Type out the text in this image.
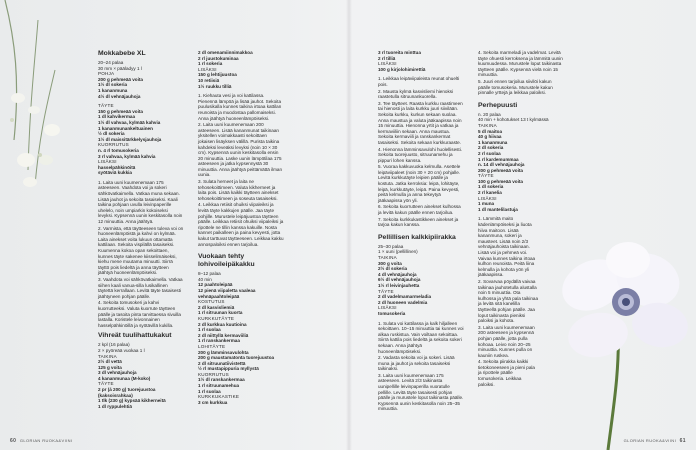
Mokkabebe XL

20–24 palaa
30 mm × pääladyy 1 l
POHJA
200 g pehmeää voita
1½ dl sokeria
1 kananmuna
4½ dl vehnäjauhoja
TÄYTE
150 g pehmeää voita
1 dl kahvikermaa
1½ dl vahvaa, kylmää kahvia
1 kananmunankeltuainen
½ dl sokeria
1½ dl maissitärkkelysjauhoja
KUORRUTUS
n. 4 rl tomusokeria
3 rl vahvaa, kylmää kahvia
LISÄKSI
hasselpähkinöitä
syötäviä kukkia

1. Laita uuni kuumenemaan 175 asteeseen. Vaahdota voi ja sokeri sähkövatkaimella. Vatkaa muna sekaan. Lisää jauhot ja sekoita tasaiseksi. Kaali taikina pohjaan uvulla leivinpaperille uhelelo, noin umpiarkin kokoiseksi levyksi. Kypsennä uunin keskitasolla noin 12 minuuttia. Anna jäähtyä.

2. Varmista, että täytteeseen tuleva voi on huoneenlämpöistä ja kahvi on kylmää. Laita ainekset voita lukuun ottamatta kattilaan. Sekoita vispilällä tasaiseksi. Kuumenna kokoa opan sekoittaen, kunnes täyte sakenee kiisselimäiseksi, kiehu mene muutama minuutti. Siirrä täyttö pois liedeltä ja anna täytteen jäähtyä huoneenlämpöiseksi.

3. Vaahdota voi sähkövatkaimella. Vatkaa siihen kaali vanua-silla lusikallinen täytettä kerrallaan. Levitä täyte tasaisesti jäähtyneen pohjan päälle.

4. Sekoita tomusokeri ja kahvi kuorrutteeksi. Valuta kuorrute täytteen päälle ja tasoita pinta tarvittaessa sivuilla lastalla. Koristele leivonnainen hasselpähkinöillä ja syötävillä kukilla.

Vihreät tuulihattukakut

2 kpl (16 palaa)
2 × pyöreää vuokaa 1 l
TAIKINA
2½ dl vettä
125 g voita
3 dl vehnäjauhoja
4 kananmunaa (M-koko)
TÄYTE
2 pr (á 200 g) tuorejuustoa (kaksoisrahkaa)
1 tlk (230 g) kypsää kikherneitä
1 dl ryppulehtiä
2 dl omenamiinnimakkoa
2 rl juustokuminaa
1 rl sokeria
LISÄKSI
150 g lehtijuustoa
10 retiisiä
1½ ruukku tilliä

1. Kiehauta vesi ja voi kattilassa. Pienennä lämpöä ja lisää jauhot. Sekoita puulusikalla kunnes taikina irtoaa kattilan reunoista ja muodostaa pallomaiseksi. Anna jäähtyä huoneenlämpöiseksi.

2. Laita uuni kuumenemaan 200 asteeseen. Lisää kananmunat taikinaan yksitellen voimakkaasti sekoittaen jokaisen lisäyksen välillä. Purista taikina kahdeksi leveäksi levyksi (noin 10 × 30 cm). Kypsennä uunin keskitasolla ensin 20 minuuttia. Laske uunin lämpötilaa 175 asteeseen ja jatka kypsennystä 30 minuuttia. Anna jäähtyä peittämättä ilman uunia.

3. Sulata herneet ja laita ne tehosekoittimeen. Valuta kikherneet ja laita pois. Lisää kaikki täytteen ainekset tehosekoittimeen ja soseuta tasaiseksi.

4. Leikkaa retiisit ohuiksi viipaleiksi ja levitä täyte kakkujen päälle. Jaa täyte pohjille. Murustele leipäjuustoa täytteen päälle. Leikkaa retiisit ohuiksi viipaleiksi ja ripottele ne tillin kanssa kakuille. Nosta kannet paikalleen ja paina kevyesti, jotta kakut tarttuvat täytteeseen. Leikkaa kakku annospaloiksi ennen tarjoilua.

Vuokaan tehty lohivoileipäkakku

8–12 palaa
40 min
12 paahtoleipää
12 pienä viipaletta vaaleaa vehnäpaahtoleipää
KOSTUTUS
2 dl kasvisliemiä
1 rl sitruunan kuorta
KURKKUTÄYTE
2 dl kurkkua kuutioina
1 rl suolaa
2 dl niittyllä kermaviiliä
1 rl ranskankermaa
LOHITÄYTE
200 g lämminsavulohta
200 g maustamatonta tuorejuustoa
2 dl sitruunatiivistettä
½ rl mustapippuria myllystä
KUORRUTUS
1½ dl ranskankermaa
1 rl sitruunamehua
1 rl suolaa
KURKKUKASTIKE
3 cm kurkkua
3 rl tuoreita minttua
2 rl tilliä
LISÄKSI
100 g kirjolohimirettiä

1. Leikkaa leipäviipaleista reunat ohuelti pois.

2. Mausta kylmä kasvisliemi hienoksi raastetulla sitruunankuorella.

3. Tee täytteet. Raasta kurkku raastimeen tai hienosti ja laita kurkku juuri siivilään. Sekoita kurkku, kurkun sekaan suolaa. Anna maustua ja valuta jääkaapissa noin 15 minuuttia. Hienonna yrtit ja vatkaa ja kermaviiliin sekaan. Anna maustua. Sekoita kermaviili ja ranskankermat tasaiseksi. Sekoita sekaan kurkkuraaste.

4. Hienonna lämminsavulohi huolellisesti. Sekoita tuorejuusto, sitruunamehu ja pippuri lohen kanssa.

5. Vuoraa kakkuvuoka kelmulla. Asettele leipäviipaleet (noin 30 × 20 cm) pohjalle. Levitä kurkkutäyte leipien päälle ja kostuta. Jatka kerroksia: leipä, lohitäyte, leipä, kurkkutäyte, leipä. Paina kevyesti, peitä kelmulla ja anna tekeytyä jääkaapissa yön yli.

6. Sekoita kuorrutteen ainekset kulhossa ja levitä kakun päälle ennen tarjoilua.

7. Sekoita kurkkukastikkeen ainekset ja tarjoa kakun kanssa.

Pellillisen kalkkipiirakka

25–30 palaa
1 × uuni (pellillinen)
TAIKINA
300 g voita
2½ dl sokeria
4 dl vehnäjauhoja
6½ dl vehnäjauhoja
1½ rl leivinjauhetta
TÄYTE
2 dl vadelmamarmeladia
2 dl huoneen vadelmia
LISÄKSI
tomusokeria

1. Sulata voi kattilassa ja kalk hiljalleen sekoittaen. 10–15 minuuttia tai kunnes voi alkaa ruskistua. Vain voiltaan sekoittaa. Siirrä kattila pois liedeltä ja sekoita sokeri sekaan. Anna jäähtyä huoneenlämpöiseksi.

2. Vadasta sekoita voi ja sokeri. Lisää muna ja jauhot ja sekoita tasaiseksi taikinaksi.

3. Laita uuni kuumenemaan 175 asteeseen. Levitä 2/3 taikinasta uunipellille leivinpaperilla vuoratulle pellille. Levitä täyte tasaisesti pohjan päälle ja murustele loput taikinasta päälle. Kypsennä uunin keskitasolla noin 25–35 minuuttia.

4. Sekoita marmeladi ja vadelmat. Levitä täyte ohuesti kerroksena ja lämmitä uunin kuumuudessa. Murustele loput taikinasta täytteen päälle. Kypsennä vielä noin 15 minuuttia.

5. Juuri ennen tarjoilua siivilöi kakun päälle tomusokeria. Murustele kakun pinnalle yrttejä ja leikkaa paloiksi.

Perhepuusti

n. 20 palaa
40 min + kohotukset 13 t kylmässä
TAIKINA
5 dl maitoa
40 g hiivaa
1 kananmuna
2 dl sokeria
2 rl suolaa
1 rl kardemummaa
n. 14 dl vehnäjauhoja
200 g pehmeää voita
TÄYTE
100 g pehmeää voita
1 dl sokeria
2 rl kanelia
LISÄKSI
1 muna
1 dl mantelilastuja

1. Lämmitä maito kädenlämpöiseksi ja liuota hiiva maitoon. Lisää kananmuna, sokeri ja mausteet. Lisää noin 2/3 vehnäjauhoista taikinaan. Lisää voi ja pehmeä voi. Vaivaa kunnes taikina irtoaa kulhon reunoista. Peitä liina kelmulla ja kohota yön yli jääkaapissa.

2. Sovarvaa pöydällä vaivaa taikinaa jauhotetulla alustalla noin 5 minuuttia. Ota kulhossa ja yhtä pala taikinaa ja levitä sitä kanelilla täytteellä pohjan päälle. Jaa loput taikinasta pieniksi paloiksi ja kohota.

3. Laita uuni kuumenemaan 200 asteeseen ja kypsennä pohjan päälle, jotta pulla kohoaa. Leivo noin 20–25 minuuttia. Kunnes pulla on kauniin ruskea.

4. Sekoita piirakka kaikki tietokoneeseen ja pieni pala ja ripottele päälle tomusokeria. Leikkaa paloiksi.

60 GLORIAN RUOKA&VIINI	GLORIAN RUOKA&VIINI 61
